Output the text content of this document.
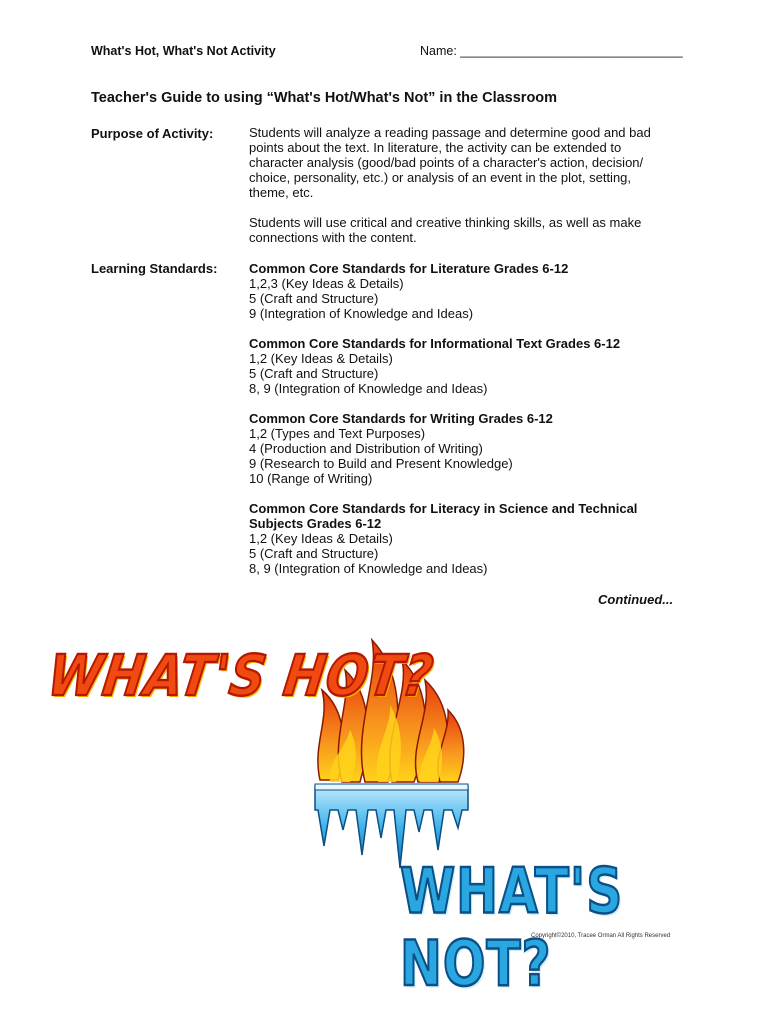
What's Hot, What's Not Activity	Name: ________________________________
Teacher's Guide to using “What's Hot/What's Not” in the Classroom
Purpose of Activity:	Students will analyze a reading passage and determine good and bad

points about the text. In literature, the activity can be extended to

character analysis (good/bad points of a character's action, decision/

choice, personality, etc.) or analysis of an event in the plot, setting,

theme, etc.

Students will use critical and creative thinking skills, as well as make

connections with the content.

Learning Standards: Common Core Standards for Literature Grades 6-12

1,2,3 (Key Ideas & Details)

5 (Craft and Structure)

9 (Integration of Knowledge and Ideas)

Common Core Standards for Informational Text Grades 6-12

1,2 (Key Ideas & Details)

5 (Craft and Structure)

8, 9 (Integration of Knowledge and Ideas)

Common Core Standards for Writing Grades 6-12

1,2 (Types and Text Purposes)

4 (Production and Distribution of Writing)

9 (Research to Build and Present Knowledge)

10 (Range of Writing)

Common Core Standards for Literacy in Science and Technical

Subjects Grades 6-12

1,2 (Key Ideas & Details)

5 (Craft and Structure)

8, 9 (Integration of Knowledge and Ideas)

Continued...
WHAT'S HOT?
WHAT'S NOT?
Copyright©2010, Tracee Orman All Rights Reserved
